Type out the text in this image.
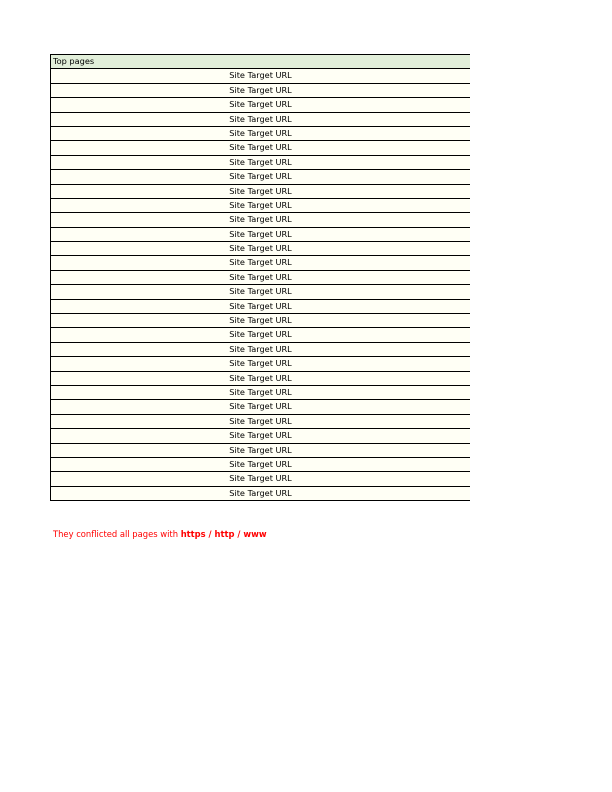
Top pages
Site Target URL
Site Target URL
Site Target URL
Site Target URL
Site Target URL
Site Target URL
Site Target URL
Site Target URL
Site Target URL
Site Target URL
Site Target URL
Site Target URL
Site Target URL
Site Target URL
Site Target URL
Site Target URL
Site Target URL
Site Target URL
Site Target URL
Site Target URL
Site Target URL
Site Target URL
Site Target URL
Site Target URL
Site Target URL
Site Target URL
Site Target URL
Site Target URL
Site Target URL
Site Target URL
They conflicted all pages with https / http / www
